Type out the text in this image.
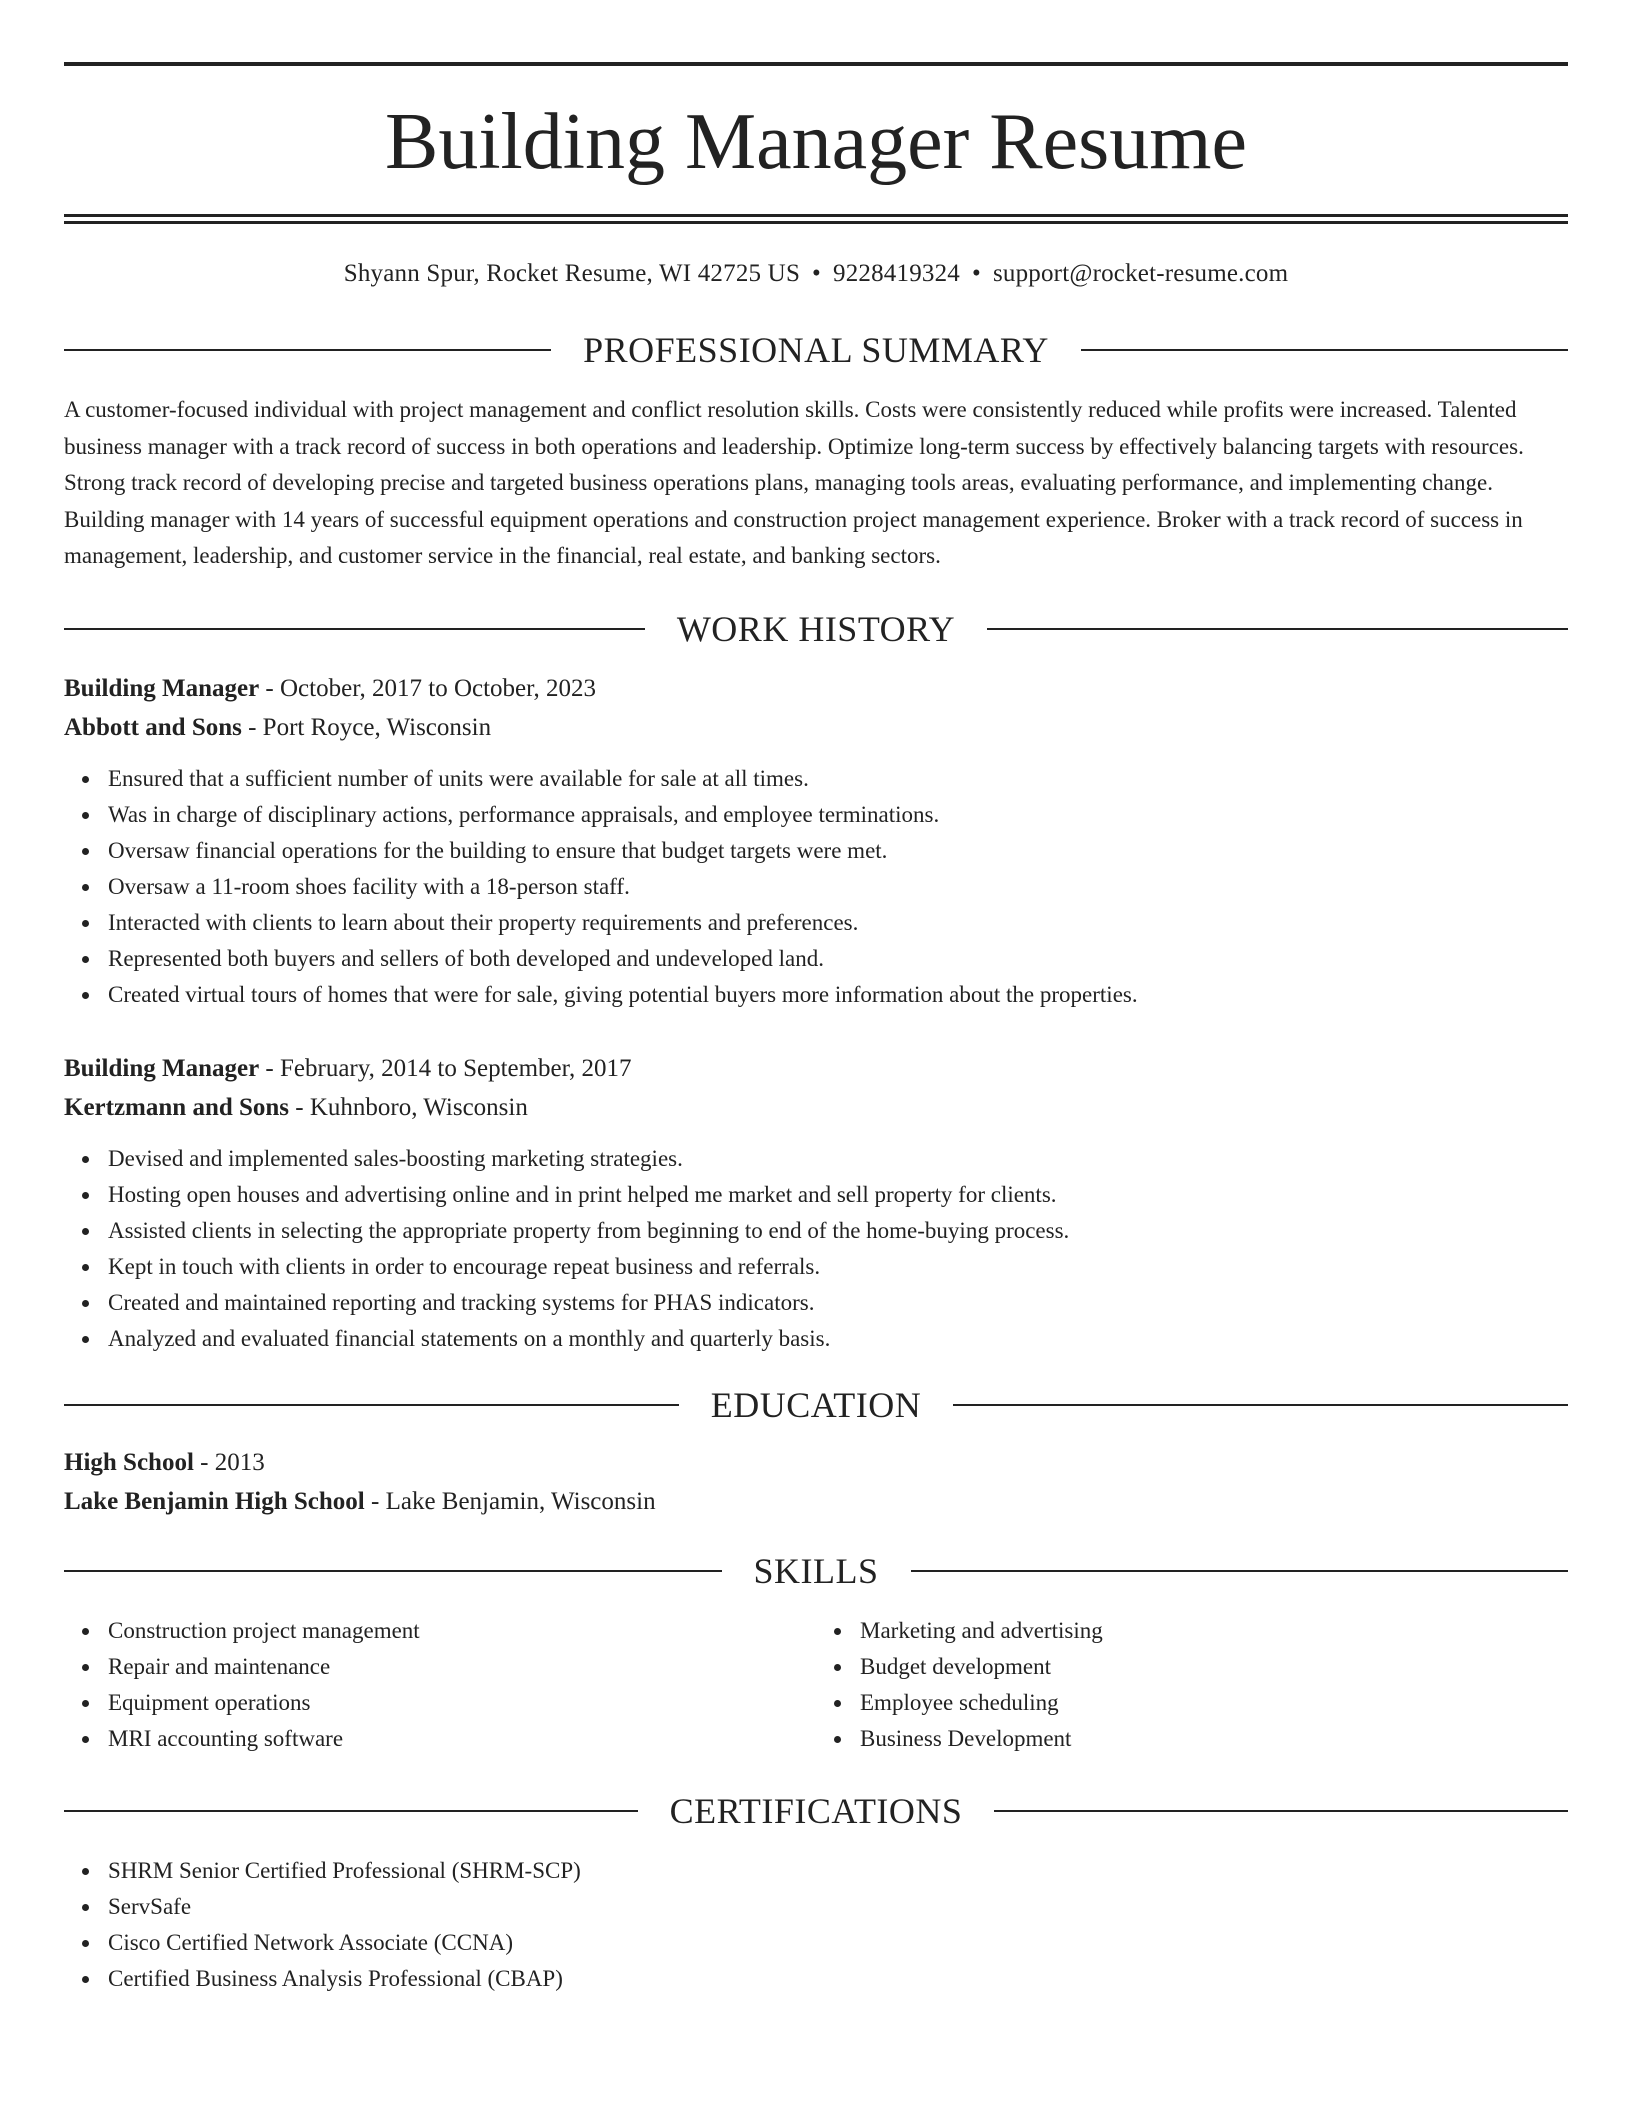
Building Manager Resume
Shyann Spur, Rocket Resume, WI 42725 US • 9228419324 • support@rocket-resume.com
PROFESSIONAL SUMMARY
A customer-focused individual with project management and conflict resolution skills. Costs were consistently reduced while profits were increased. Talented business manager with a track record of success in both operations and leadership. Optimize long-term success by effectively balancing targets with resources. Strong track record of developing precise and targeted business operations plans, managing tools areas, evaluating performance, and implementing change. Building manager with 14 years of successful equipment operations and construction project management experience. Broker with a track record of success in management, leadership, and customer service in the financial, real estate, and banking sectors.
WORK HISTORY
Building Manager - October, 2017 to October, 2023
Abbott and Sons - Port Royce, Wisconsin
Ensured that a sufficient number of units were available for sale at all times.
Was in charge of disciplinary actions, performance appraisals, and employee terminations.
Oversaw financial operations for the building to ensure that budget targets were met.
Oversaw a 11-room shoes facility with a 18-person staff.
Interacted with clients to learn about their property requirements and preferences.
Represented both buyers and sellers of both developed and undeveloped land.
Created virtual tours of homes that were for sale, giving potential buyers more information about the properties.
Building Manager - February, 2014 to September, 2017
Kertzmann and Sons - Kuhnboro, Wisconsin
Devised and implemented sales-boosting marketing strategies.
Hosting open houses and advertising online and in print helped me market and sell property for clients.
Assisted clients in selecting the appropriate property from beginning to end of the home-buying process.
Kept in touch with clients in order to encourage repeat business and referrals.
Created and maintained reporting and tracking systems for PHAS indicators.
Analyzed and evaluated financial statements on a monthly and quarterly basis.
EDUCATION
High School - 2013
Lake Benjamin High School - Lake Benjamin, Wisconsin
SKILLS
Construction project management
Repair and maintenance
Equipment operations
MRI accounting software
Marketing and advertising
Budget development
Employee scheduling
Business Development
CERTIFICATIONS
SHRM Senior Certified Professional (SHRM-SCP)
ServSafe
Cisco Certified Network Associate (CCNA)
Certified Business Analysis Professional (CBAP)
